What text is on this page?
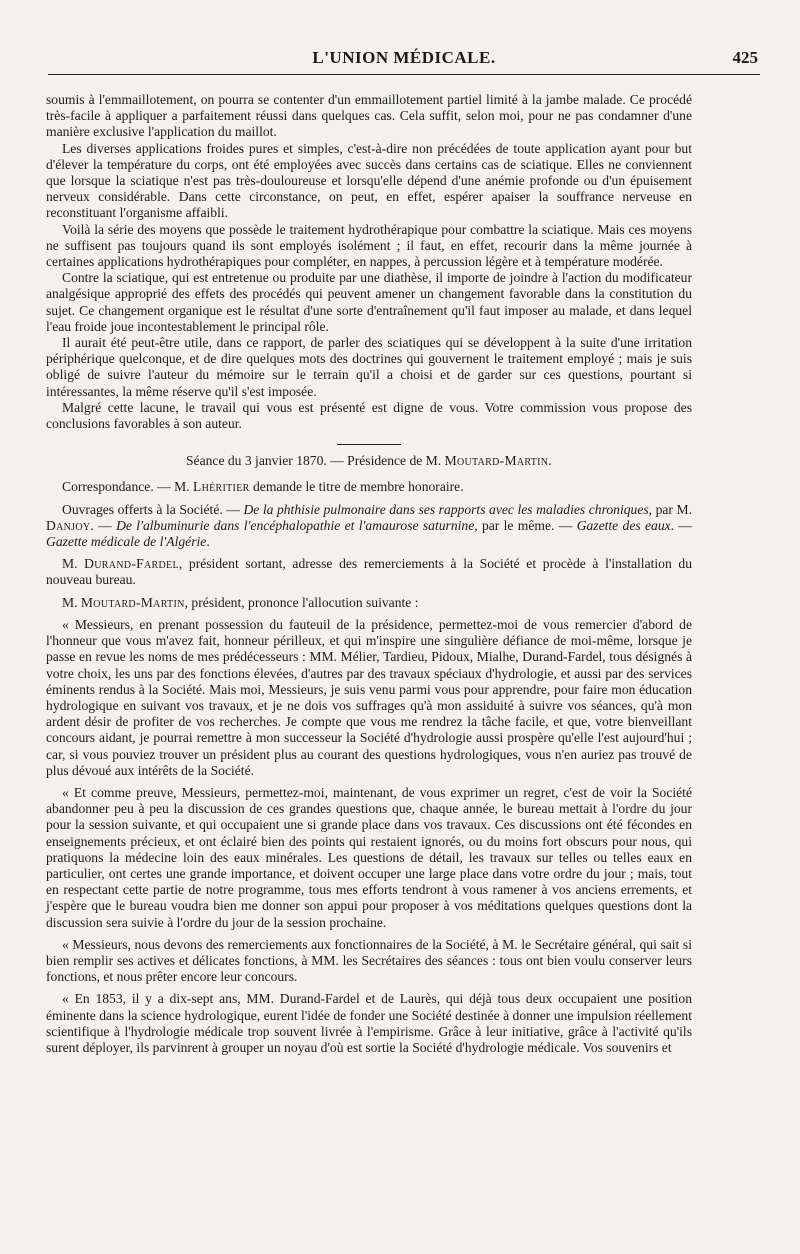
L'UNION MÉDICALE.	425

soumis à l'emmaillotement, on pourra se contenter d'un emmaillotement partiel limité à la jambe malade. Ce procédé très-facile à appliquer a parfaitement réussi dans quelques cas. Cela suffit, selon moi, pour ne pas condamner d'une manière exclusive l'application du maillot.

Les diverses applications froides pures et simples, c'est-à-dire non précédées de toute application ayant pour but d'élever la température du corps, ont été employées avec succès dans certains cas de sciatique. Elles ne conviennent que lorsque la sciatique n'est pas très-douloureuse et lorsqu'elle dépend d'une anémie profonde ou d'un épuisement nerveux considérable. Dans cette circonstance, on peut, en effet, espérer apaiser la souffrance nerveuse en reconstituant l'organisme affaibli.

Voilà la série des moyens que possède le traitement hydrothérapique pour combattre la sciatique. Mais ces moyens ne suffisent pas toujours quand ils sont employés isolément ; il faut, en effet, recourir dans la même journée à certaines applications hydrothérapiques pour compléter, en nappes, à percussion légère et à température modérée.

Contre la sciatique, qui est entretenue ou produite par une diathèse, il importe de joindre à l'action du modificateur analgésique approprié des effets des procédés qui peuvent amener un changement favorable dans la constitution du sujet. Ce changement organique est le résultat d'une sorte d'entraînement qu'il faut imposer au malade, et dans lequel l'eau froide joue incontestablement le principal rôle.

Il aurait été peut-être utile, dans ce rapport, de parler des sciatiques qui se développent à la suite d'une irritation périphérique quelconque, et de dire quelques mots des doctrines qui gouvernent le traitement employé ; mais je suis obligé de suivre l'auteur du mémoire sur le terrain qu'il a choisi et de garder sur ces questions, pourtant si intéressantes, la même réserve qu'il s'est imposée.

Malgré cette lacune, le travail qui vous est présenté est digne de vous. Votre commission vous propose des conclusions favorables à son auteur.

Séance du 3 janvier 1870. — Présidence de M. Moutard-Martin.

Correspondance. — M. Lhéritier demande le titre de membre honoraire.

Ouvrages offerts à la Société. — De la phthisie pulmonaire dans ses rapports avec les maladies chroniques, par M. Danjoy. — De l'albuminurie dans l'encéphalopathie et l'amaurose saturnine, par le même. — Gazette des eaux. — Gazette médicale de l'Algérie.

M. Durand-Fardel, président sortant, adresse des remerciements à la Société et procède à l'installation du nouveau bureau.

M. Moutard-Martin, président, prononce l'allocution suivante :

« Messieurs, en prenant possession du fauteuil de la présidence, permettez-moi de vous remercier d'abord de l'honneur que vous m'avez fait, honneur périlleux, et qui m'inspire une singulière défiance de moi-même, lorsque je passe en revue les noms de mes prédécesseurs : MM. Mélier, Tardieu, Pidoux, Mialhe, Durand-Fardel, tous désignés à votre choix, les uns par des fonctions élevées, d'autres par des travaux spéciaux d'hydrologie, et aussi par des services éminents rendus à la Société. Mais moi, Messieurs, je suis venu parmi vous pour apprendre, pour faire mon éducation hydrologique en suivant vos travaux, et je ne dois vos suffrages qu'à mon assiduité à suivre vos séances, qu'à mon ardent désir de profiter de vos recherches. Je compte que vous me rendrez la tâche facile, et que, votre bienveillant concours aidant, je pourrai remettre à mon successeur la Société d'hydrologie aussi prospère qu'elle l'est aujourd'hui ; car, si vous pouviez trouver un président plus au courant des questions hydrologiques, vous n'en auriez pas trouvé de plus dévoué aux intérêts de la Société.

« Et comme preuve, Messieurs, permettez-moi, maintenant, de vous exprimer un regret, c'est de voir la Société abandonner peu à peu la discussion de ces grandes questions que, chaque année, le bureau mettait à l'ordre du jour pour la session suivante, et qui occupaient une si grande place dans vos travaux. Ces discussions ont été fécondes en enseignements précieux, et ont éclairé bien des points qui restaient ignorés, ou du moins fort obscurs pour nous, qui pratiquons la médecine loin des eaux minérales. Les questions de détail, les travaux sur telles ou telles eaux en particulier, ont certes une grande importance, et doivent occuper une large place dans votre ordre du jour ; mais, tout en respectant cette partie de notre programme, tous mes efforts tendront à vous ramener à vos anciens errements, et j'espère que le bureau voudra bien me donner son appui pour proposer à vos méditations quelques questions dont la discussion sera suivie à l'ordre du jour de la session prochaine.

« Messieurs, nous devons des remerciements aux fonctionnaires de la Société, à M. le Secrétaire général, qui sait si bien remplir ses actives et délicates fonctions, à MM. les Secrétaires des séances : tous ont bien voulu conserver leurs fonctions, et nous prêter encore leur concours.

« En 1853, il y a dix-sept ans, MM. Durand-Fardel et de Laurès, qui déjà tous deux occupaient une position éminente dans la science hydrologique, eurent l'idée de fonder une Société destinée à donner une impulsion réellement scientifique à l'hydrologie médicale trop souvent livrée à l'empirisme. Grâce à leur initiative, grâce à l'activité qu'ils surent déployer, ils parvinrent à grouper un noyau d'où est sortie la Société d'hydrologie médicale. Vos souvenirs et
